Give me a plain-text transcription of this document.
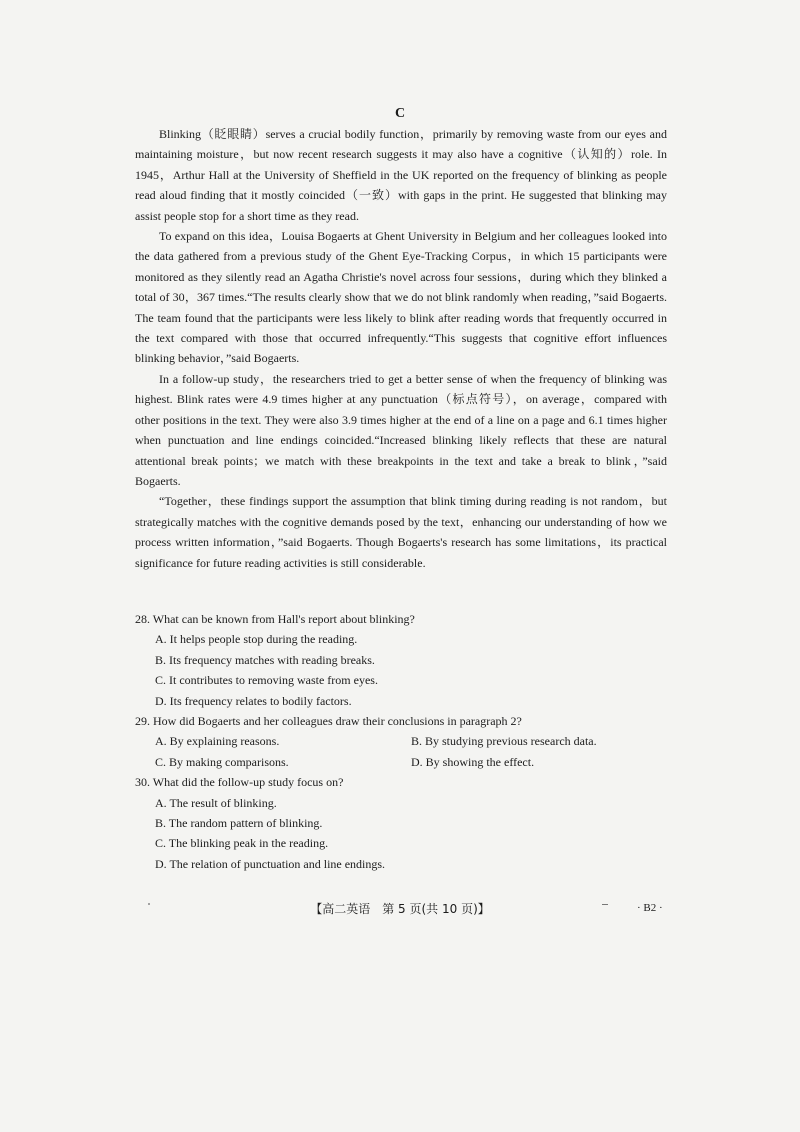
C

Blinking（眨眼睛）serves a crucial bodily function，primarily by removing waste from our eyes and maintaining moisture，but now recent research suggests it may also have a cognitive（认知的）role. In 1945，Arthur Hall at the University of Sheffield in the UK reported on the frequency of blinking as people read aloud finding that it mostly coincided（一致）with gaps in the print. He suggested that blinking may assist people stop for a short time as they read.

To expand on this idea，Louisa Bogaerts at Ghent University in Belgium and her colleagues looked into the data gathered from a previous study of the Ghent Eye-Tracking Corpus，in which 15 participants were monitored as they silently read an Agatha Christie's novel across four sessions，during which they blinked a total of 30，367 times.“The results clearly show that we do not blink randomly when reading，”said Bogaerts. The team found that the participants were less likely to blink after reading words that frequently occurred in the text compared with those that occurred infrequently.“This suggests that cognitive effort influences blinking behavior，”said Bogaerts.

In a follow-up study，the researchers tried to get a better sense of when the frequency of blinking was highest. Blink rates were 4.9 times higher at any punctuation（标点符号），on average，compared with other positions in the text. They were also 3.9 times higher at the end of a line on a page and 6.1 times higher when punctuation and line endings coincided.“Increased blinking likely reflects that these are natural attentional break points；we match with these breakpoints in the text and take a break to blink，”said Bogaerts.

“Together，these findings support the assumption that blink timing during reading is not random，but strategically matches with the cognitive demands posed by the text，enhancing our understanding of how we process written information，”said Bogaerts. Though Bogaerts's research has some limitations，its practical significance for future reading activities is still considerable.

28. What can be known from Hall's report about blinking?
A. It helps people stop during the reading.
B. Its frequency matches with reading breaks.
C. It contributes to removing waste from eyes.
D. Its frequency relates to bodily factors.
29. How did Bogaerts and her colleagues draw their conclusions in paragraph 2?
A. By explaining reasons.	B. By studying previous research data.
C. By making comparisons.	D. By showing the effect.
30. What did the follow-up study focus on?
A. The result of blinking.
B. The random pattern of blinking.
C. The blinking peak in the reading.
D. The relation of punctuation and line endings.
【高二英语　第 5 页(共 10 页)】	· B2 ·
